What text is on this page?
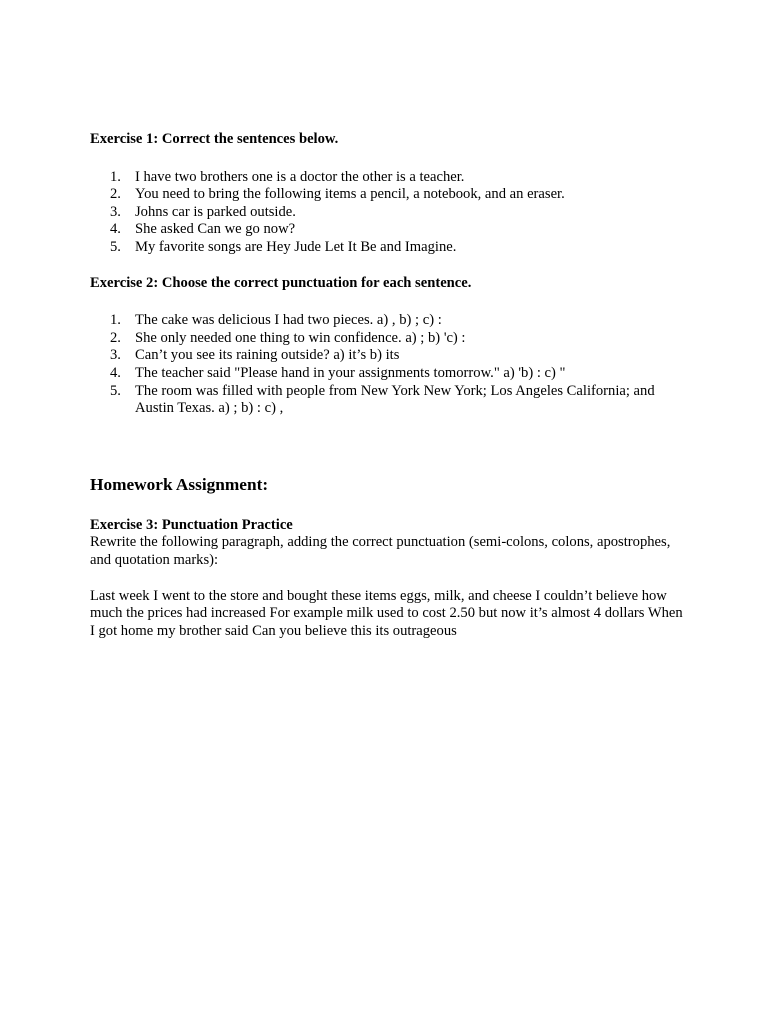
Exercise 1: Correct the sentences below.

1. I have two brothers one is a doctor the other is a teacher.
2. You need to bring the following items a pencil, a notebook, and an eraser.
3. Johns car is parked outside.
4. She asked Can we go now?
5. My favorite songs are Hey Jude Let It Be and Imagine.

Exercise 2: Choose the correct punctuation for each sentence.

1. The cake was delicious I had two pieces. a) , b) ; c) :
2. She only needed one thing to win confidence. a) ; b) 'c) :
3. Can’t you see its raining outside? a) it’s b) its
4. The teacher said "Please hand in your assignments tomorrow." a) 'b) : c) "
5. The room was filled with people from New York New York; Los Angeles California; and Austin Texas. a) ; b) : c) ,

Homework Assignment:

Exercise 3: Punctuation Practice

Rewrite the following paragraph, adding the correct punctuation (semi-colons, colons, apostrophes, and quotation marks):

Last week I went to the store and bought these items eggs, milk, and cheese I couldn’t believe how much the prices had increased For example milk used to cost 2.50 but now it’s almost 4 dollars When I got home my brother said Can you believe this its outrageous
